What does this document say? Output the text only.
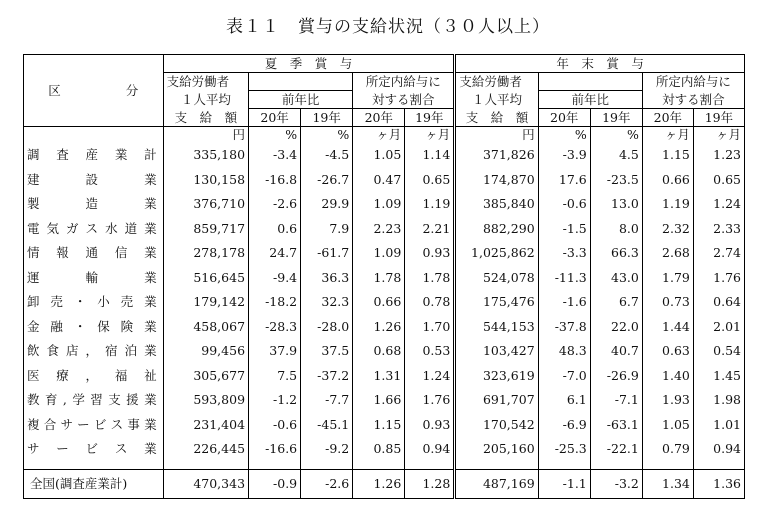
表１１　賞与の支給状況（３０人以上）
区　　 分	夏　季　賞　与					年　末　賞　与				
	支給労働者			所定内給与に		支給労働者			所定内給与に	
	１人平均	前年比		対する割合		１人平均	前年比		対する割合	
	支　給　額	20年	19年	20年	19年	支　給　額	20年	19年	20年	19年
	円	%	%	ヶ月	ヶ月	円	%	%	ヶ月	ヶ月
調査産業計	335,180	-3.4	-4.5	1.05	1.14	371,826	-3.9	4.5	1.15	1.23
建設業	130,158	-16.8	-26.7	0.47	0.65	174,870	17.6	-23.5	0.66	0.65
製造業	376,710	-2.6	29.9	1.09	1.19	385,840	-0.6	13.0	1.19	1.24
電気ガス水道業	859,717	0.6	7.9	2.23	2.21	882,290	-1.5	8.0	2.32	2.33
情報通信業	278,178	24.7	-61.7	1.09	0.93	1,025,862	-3.3	66.3	2.68	2.74
運輸業	516,645	-9.4	36.3	1.78	1.78	524,078	-11.3	43.0	1.79	1.76
卸売・小売業	179,142	-18.2	32.3	0.66	0.78	175,476	-1.6	6.7	0.73	0.64
金融・保険業	458,067	-28.3	-28.0	1.26	1.70	544,153	-37.8	22.0	1.44	2.01
飲食店，宿泊業	99,456	37.9	37.5	0.68	0.53	103,427	48.3	40.7	0.63	0.54
医療，福祉	305,677	7.5	-37.2	1.31	1.24	323,619	-7.0	-26.9	1.40	1.45
教育,学習支援業	593,809	-1.2	-7.7	1.66	1.76	691,707	6.1	-7.1	1.93	1.98
複合サービス事業	231,404	-0.6	-45.1	1.15	0.93	170,542	-6.9	-63.1	1.05	1.01
サービス業	226,445	-16.6	-9.2	0.85	0.94	205,160	-25.3	-22.1	0.79	0.94

全国(調査産業計)	470,343	-0.9	-2.6	1.26	1.28	487,169	-1.1	-3.2	1.34	1.36
